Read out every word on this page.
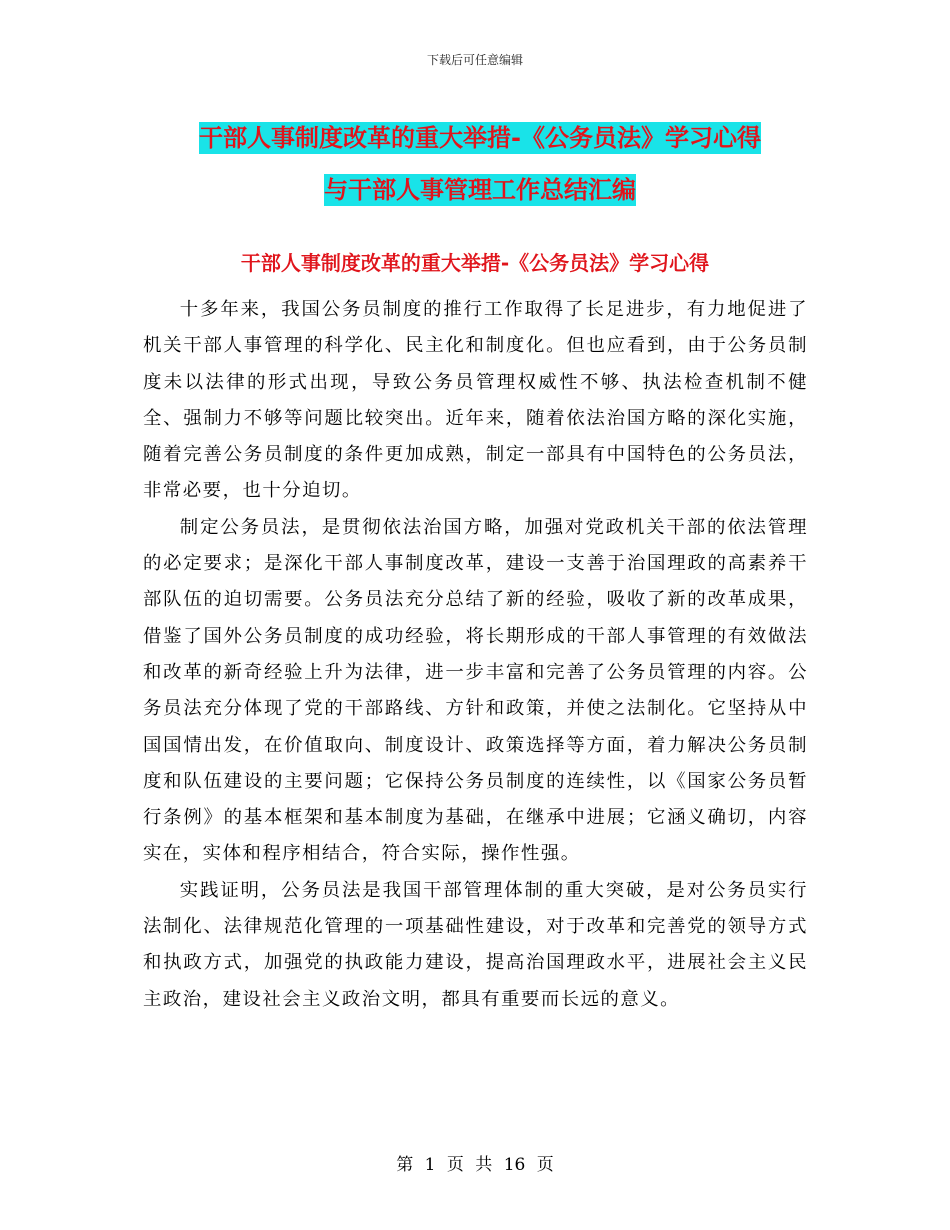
下载后可任意编辑
干部人事制度改革的重大举措-《公务员法》学习心得
与干部人事管理工作总结汇编
干部人事制度改革的重大举措-《公务员法》学习心得

十多年来，我国公务员制度的推行工作取得了长足进步，有力地促进了机关干部人事管理的科学化、民主化和制度化。但也应看到，由于公务员制度未以法律的形式出现，导致公务员管理权威性不够、执法检查机制不健全、强制力不够等问题比较突出。近年来，随着依法治国方略的深化实施，随着完善公务员制度的条件更加成熟，制定一部具有中国特色的公务员法，非常必要，也十分迫切。

制定公务员法，是贯彻依法治国方略，加强对党政机关干部的依法管理的必定要求；是深化干部人事制度改革，建设一支善于治国理政的高素养干部队伍的迫切需要。公务员法充分总结了新的经验，吸收了新的改革成果，借鉴了国外公务员制度的成功经验，将长期形成的干部人事管理的有效做法和改革的新奇经验上升为法律，进一步丰富和完善了公务员管理的内容。公务员法充分体现了党的干部路线、方针和政策，并使之法制化。它坚持从中国国情出发，在价值取向、制度设计、政策选择等方面，着力解决公务员制度和队伍建设的主要问题；它保持公务员制度的连续性，以《国家公务员暂行条例》的基本框架和基本制度为基础，在继承中进展；它涵义确切，内容实在，实体和程序相结合，符合实际，操作性强。

实践证明，公务员法是我国干部管理体制的重大突破，是对公务员实行法制化、法律规范化管理的一项基础性建设，对于改革和完善党的领导方式和执政方式，加强党的执政能力建设，提高治国理政水平，进展社会主义民主政治，建设社会主义政治文明，都具有重要而长远的意义。

第 1 页 共 16 页
